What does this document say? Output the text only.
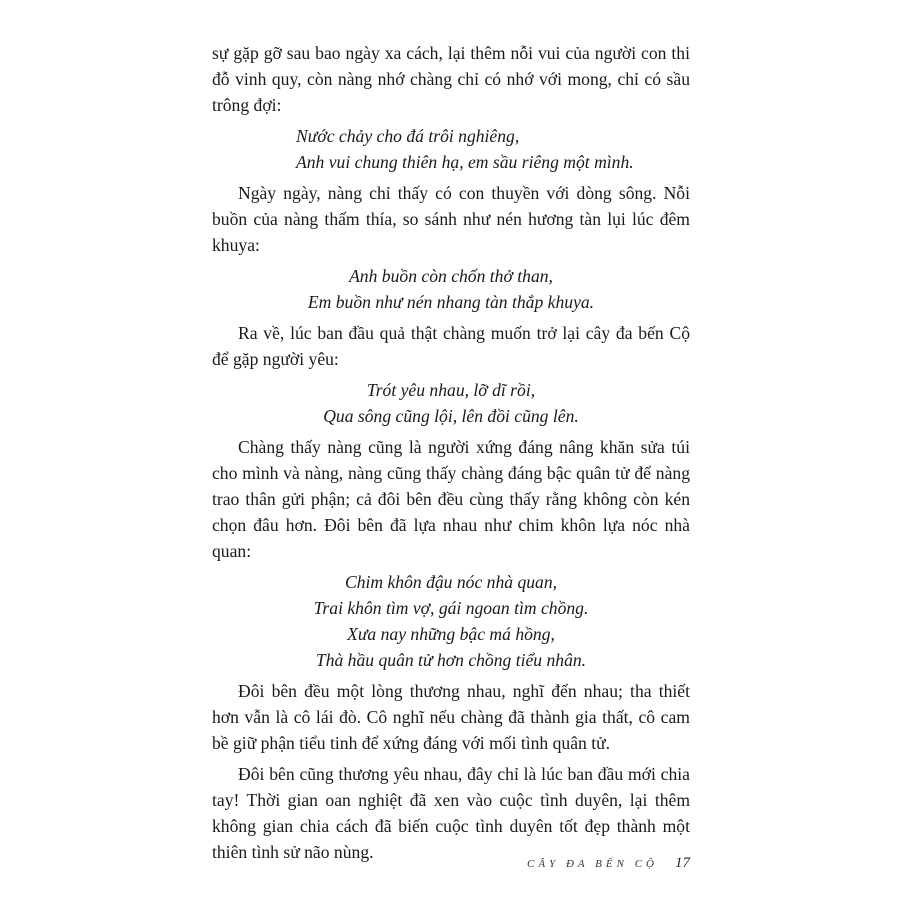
sự gặp gỡ sau bao ngày xa cách, lại thêm nỗi vui của người con thi đỗ vinh quy, còn nàng nhớ chàng chỉ có nhớ với mong, chỉ có sầu trông đợi:

Nước chảy cho đá trôi nghiêng,
Anh vui chung thiên hạ, em sầu riêng một mình.

Ngày ngày, nàng chỉ thấy có con thuyền với dòng sông. Nỗi buồn của nàng thấm thía, so sánh như nén hương tàn lụi lúc đêm khuya:

Anh buồn còn chốn thở than,
Em buồn như nén nhang tàn thắp khuya.

Ra về, lúc ban đầu quả thật chàng muốn trở lại cây đa bến Cộ để gặp người yêu:

Trót yêu nhau, lỡ dĩ rồi,
Qua sông cũng lội, lên đồi cũng lên.

Chàng thấy nàng cũng là người xứng đáng nâng khăn sửa túi cho mình và nàng, nàng cũng thấy chàng đáng bậc quân tử để nàng trao thân gửi phận; cả đôi bên đều cùng thấy rằng không còn kén chọn đâu hơn. Đôi bên đã lựa nhau như chim khôn lựa nóc nhà quan:

Chim khôn đậu nóc nhà quan,
Trai khôn tìm vợ, gái ngoan tìm chồng.
Xưa nay những bậc má hồng,
Thà hầu quân tử hơn chồng tiểu nhân.

Đôi bên đều một lòng thương nhau, nghĩ đến nhau; tha thiết hơn vẫn là cô lái đò. Cô nghĩ nếu chàng đã thành gia thất, cô cam bề giữ phận tiểu tinh để xứng đáng với mối tình quân tử.

Đôi bên cũng thương yêu nhau, đây chỉ là lúc ban đầu mới chia tay! Thời gian oan nghiệt đã xen vào cuộc tình duyên, lại thêm không gian chia cách đã biến cuộc tình duyên tốt đẹp thành một thiên tình sử não nùng.

CÂY ĐA BẾN CỘ 17
